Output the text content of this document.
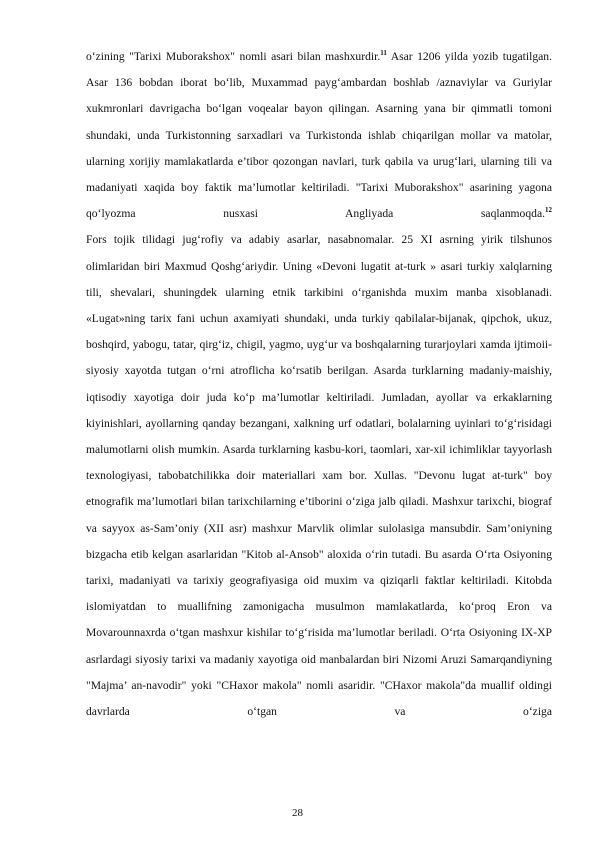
o‘zining "Tarixi Muborakshox" nomli asari bilan mashxurdir.$^{11}$ Asar 1206 yilda yozib tugatilgan. Asar 136 bobdan iborat bo‘lib, Muxammad payg‘ambardan boshlab /aznaviylar va Guriylar xukmronlari davrigacha bo‘lgan voqealar bayon qilingan. Asarning yana bir qimmatli tomoni shundaki, unda Turkistonning sarxadlari va Turkistonda ishlab chiqarilgan mollar va matolar, ularning xorijiy mamlakatlarda e’tibor qozongan navlari, turk qabila va urug‘lari, ularning tili va madaniyati xaqida boy faktik ma’lumotlar keltiriladi. "Tarixi Muborakshox" asarining yagona qo‘lyozma nusxasi Angliyada saqlanmoqda.$^{12}$

Fors tojik tilidagi jug‘rofiy va adabiy asarlar, nasabnomalar. 25 XI asrning yirik tilshunos olimlaridan biri Maxmud Qoshg‘ariydir. Uning «Devoni lugatit at-turk » asari turkiy xalqlarning tili, shevalari, shuningdek ularning etnik tarkibini o‘rganishda muxim manba xisoblanadi. «Lugat»ning tarix fani uchun axamiyati shundaki, unda turkiy qabilalar-bijanak, qipchok, ukuz, boshqird, yabogu, tatar, qirg‘iz, chigil, yagmo, uyg‘ur va boshqalarning turarjoylari xamda ijtimoii-siyosiy xayotda tutgan o‘rni atroflicha ko‘rsatib berilgan. Asarda turklarning madaniy-maishiy, iqtisodiy xayotiga doir juda ko‘p ma’lumotlar keltiriladi. Jumladan, ayollar va erkaklarning kiyinishlari, ayollarning qanday bezangani, xalkning urf odatlari, bolalarning uyinlari to‘g‘risidagi malumotlarni olish mumkin. Asarda turklarning kasbu-kori, taomlari, xar-xil ichimliklar tayyorlash texnologiyasi, tabobatchilikka doir materiallari xam bor. Xullas. "Devonu lugat at-turk" boy etnografik ma’lumotlari bilan tarixchilarning e’tiborini o‘ziga jalb qiladi. Mashxur tarixchi, biograf va sayyox as-Sam’oniy (XII asr) mashxur Marvlik olimlar sulolasiga mansubdir. Sam’oniyning bizgacha etib kelgan asarlaridan "Kitob al-Ansob" aloxida o‘rin tutadi. Bu asarda O‘rta Osiyoning tarixi, madaniyati va tarixiy geografiyasiga oid muxim va qiziqarli faktlar keltiriladi. Kitobda islomiyatdan to muallifning zamonigacha musulmon mamlakatlarda, ko‘proq Eron va Movarounnaxrda o‘tgan mashxur kishilar to‘g‘risida ma’lumotlar beriladi. O‘rta Osiyoning IX-XP asrlardagi siyosiy tarixi va madaniy xayotiga oid manbalardan biri Nizomi Aruzi Samarqandiyning "Majma’ an-navodir" yoki "CHaxor makola" nomli asaridir. "CHaxor makola"da muallif oldingi davrlarda o‘tgan va o‘ziga

28
